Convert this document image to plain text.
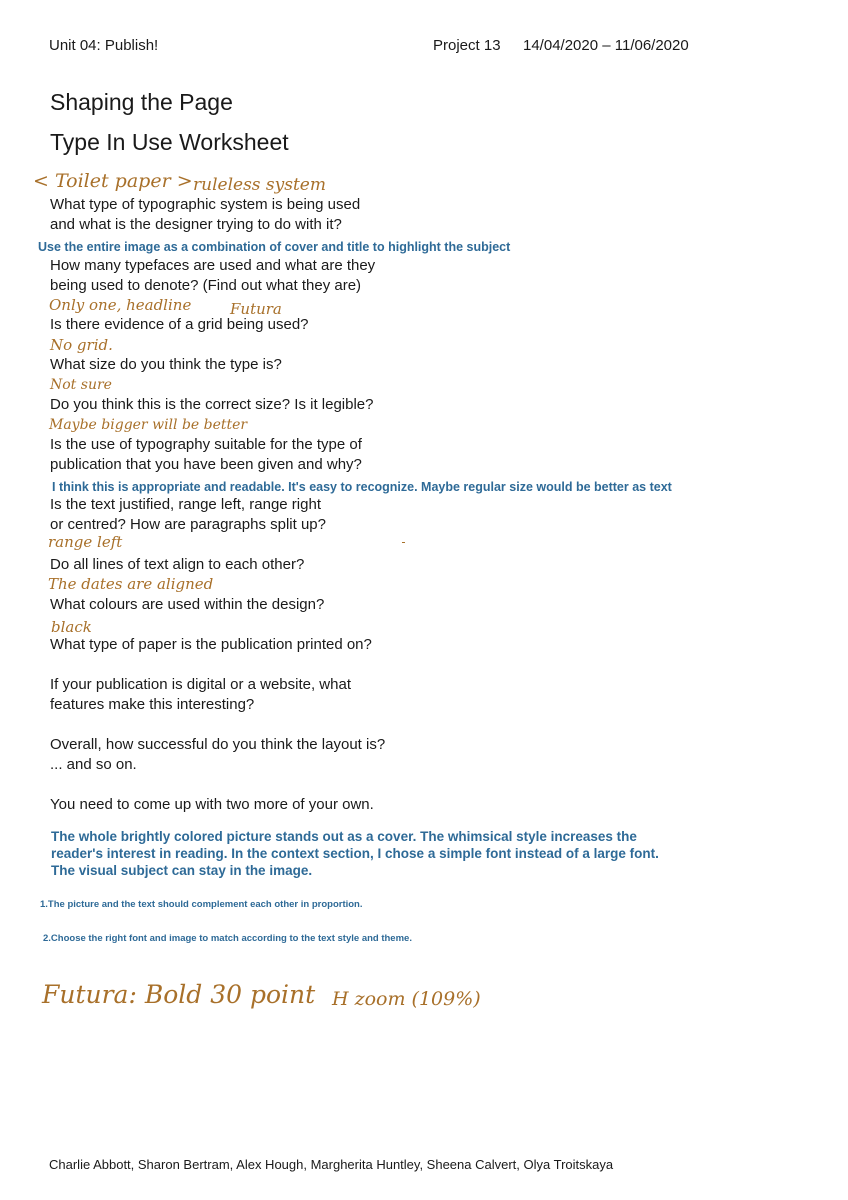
Unit 04: Publish!	Project 13 14/04/2020 – 11/06/2020
Shaping the Page
Type In Use Worksheet
< Toilet paper > ruleless system
What type of typographic system is being used
and what is the designer trying to do with it?
Use the entire image as a combination of cover and title to highlight the subject
How many typefaces are used and what are they
being used to denote? (Find out what they are)
Only one, headline	Futura
Is there evidence of a grid being used?
No grid.
What size do you think the type is?
Not sure
Do you think this is the correct size? Is it legible?
Maybe bigger will be better
Is the use of typography suitable for the type of
publication that you have been given and why?
I think this is appropriate and readable. It's easy to recognize. Maybe regular size would be better as text
Is the text justified, range left, range right
or centred? How are paragraphs split up?
range left
Do all lines of text align to each other?
The dates are aligned
What colours are used within the design?
black
What type of paper is the publication printed on?
If your publication is digital or a website, what
features make this interesting?
Overall, how successful do you think the layout is?
... and so on.
You need to come up with two more of your own.
The whole brightly colored picture stands out as a cover. The whimsical style increases the
reader's interest in reading. In the context section, I chose a simple font instead of a large font.
The visual subject can stay in the image.
1.The picture and the text should complement each other in proportion.
2.Choose the right font and image to match according to the text style and theme.
Futura: Bold 30 point H zoom (109%)
Charlie Abbott, Sharon Bertram, Alex Hough, Margherita Huntley, Sheena Calvert, Olya Troitskaya
